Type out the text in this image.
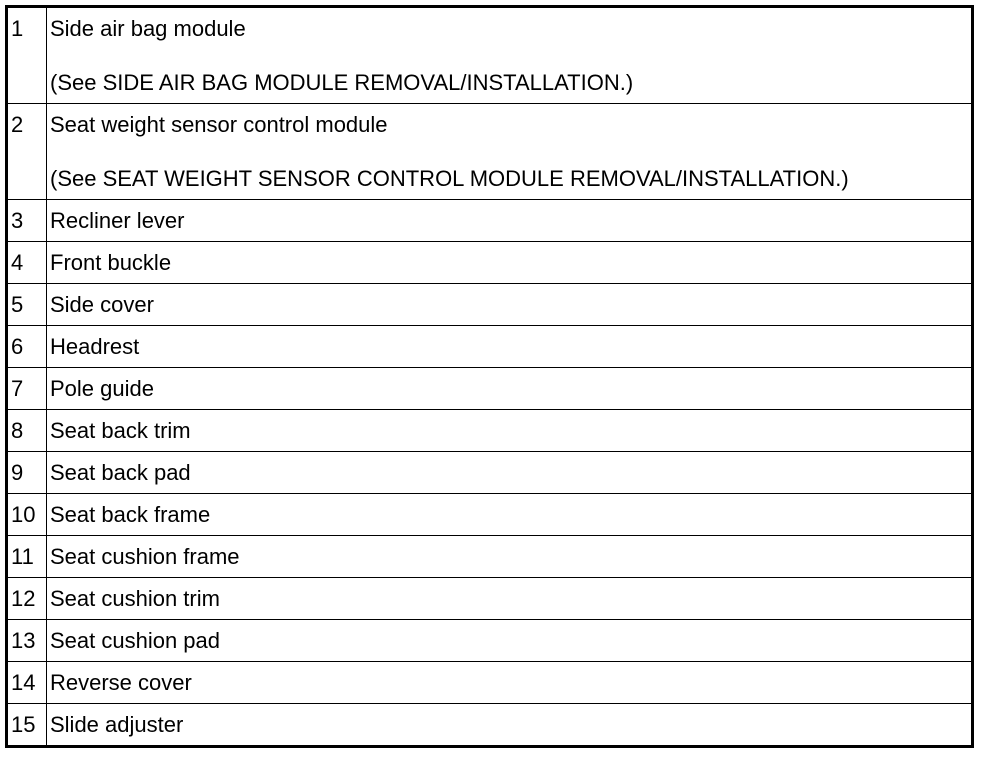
1	Side air bag module
(See SIDE AIR BAG MODULE REMOVAL/INSTALLATION.)

2	Seat weight sensor control module
(See SEAT WEIGHT SENSOR CONTROL MODULE REMOVAL/INSTALLATION.)

3	Recliner lever
4	Front buckle
5	Side cover
6	Headrest
7	Pole guide
8	Seat back trim
9	Seat back pad
10	Seat back frame
11	Seat cushion frame
12	Seat cushion trim
13	Seat cushion pad
14	Reverse cover
15	Slide adjuster
